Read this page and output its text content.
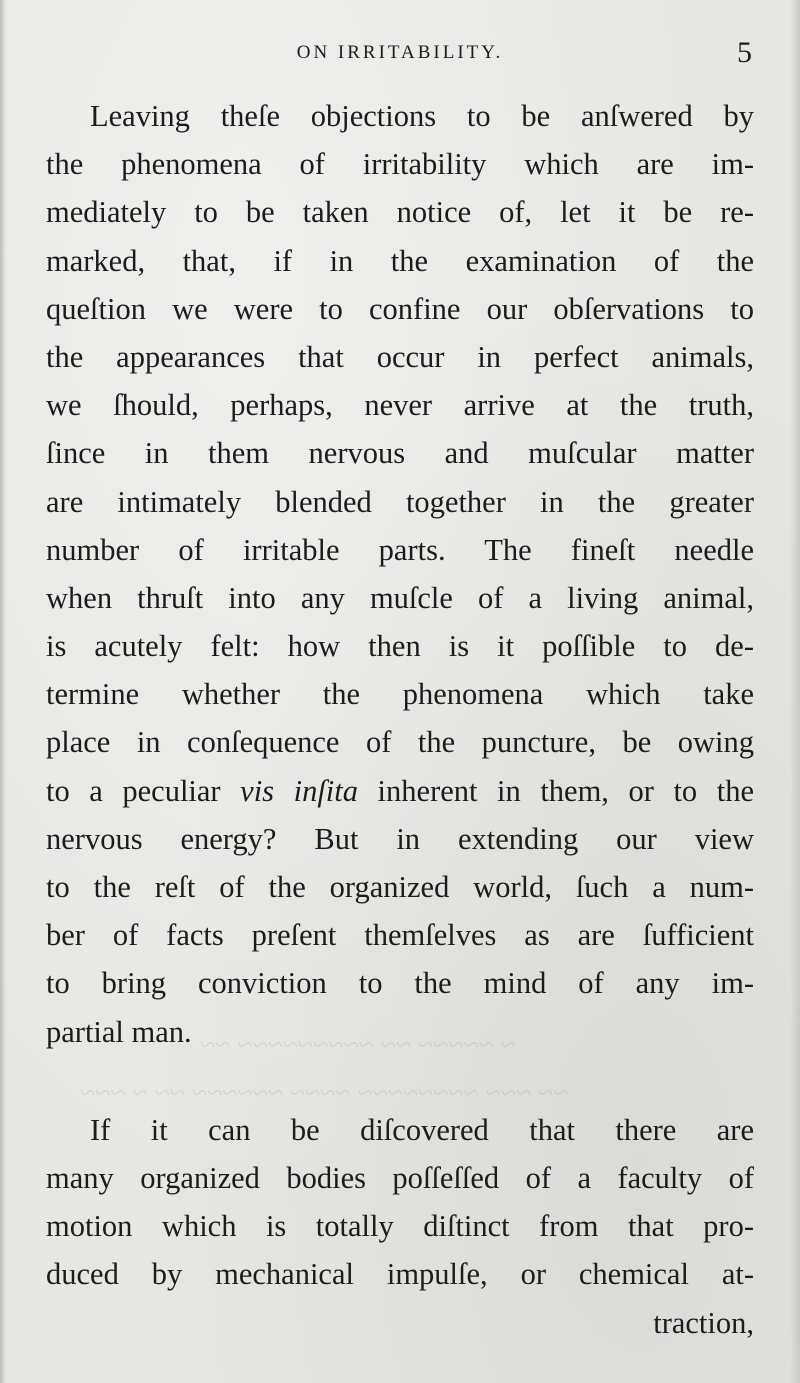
~ ~~~~~ ~~ ~~~~~~~~~ ~~
~~ ~~~ ~~~~~~~~ ~~~~ ~~~~~~ ~~ ~ ~~~
ON IRRITABILITY.	5
Leaving theſe objections to be anſwered by
the phenomena of irritability which are im-
mediately to be taken notice of, let it be re-
marked, that, if in the examination of the
queſtion we were to confine our obſervations to
the appearances that occur in perfect animals,
we ſhould, perhaps, never arrive at the truth,
ſince in them nervous and muſcular matter
are intimately blended together in the greater
number of irritable parts. The fineſt needle
when thruſt into any muſcle of a living animal,
is acutely felt: how then is it poſſible to de-
termine whether the phenomena which take
place in conſequence of the puncture, be owing
to a peculiar vis inſita inherent in them, or to the
nervous energy? But in extending our view
to the reſt of the organized world, ſuch a num-
ber of facts preſent themſelves as are ſufficient
to bring conviction to the mind of any im-
partial man.
If it can be diſcovered that there are
many organized bodies poſſeſſed of a faculty of
motion which is totally diſtinct from that pro-
duced by mechanical impulſe, or chemical at-
traction,
